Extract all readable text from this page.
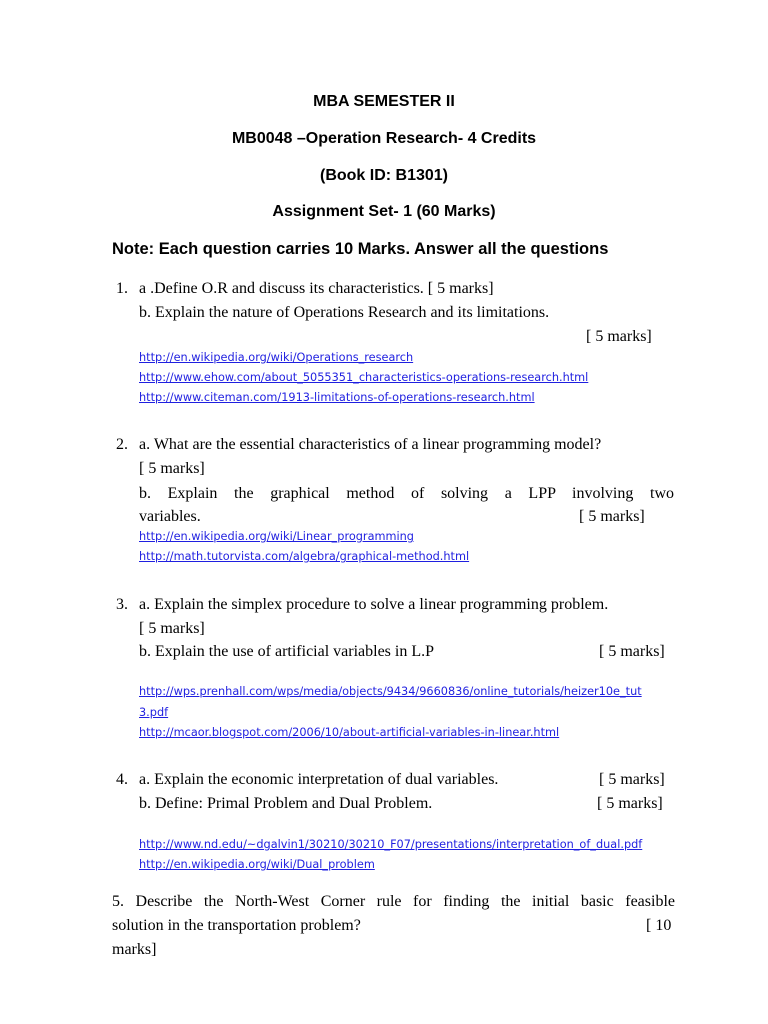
MBA SEMESTER II
MB0048 –Operation Research- 4 Credits
(Book ID: B1301)
Assignment Set- 1 (60 Marks)
Note: Each question carries 10 Marks. Answer all the questions
1. a .Define O.R and discuss its characteristics. [ 5 marks]
b. Explain the nature of Operations Research and its limitations.
[ 5 marks]
http://en.wikipedia.org/wiki/Operations_research
http://www.ehow.com/about_5055351_characteristics-operations-research.html
http://www.citeman.com/1913-limitations-of-operations-research.html
2. a. What are the essential characteristics of a linear programming model?
[ 5 marks]
b. Explain the graphical method of solving a LPP involving two
variables.	[ 5 marks]
http://en.wikipedia.org/wiki/Linear_programming
http://math.tutorvista.com/algebra/graphical-method.html
3. a. Explain the simplex procedure to solve a linear programming problem.
[ 5 marks]
b. Explain the use of artificial variables in L.P	[ 5 marks]
http://wps.prenhall.com/wps/media/objects/9434/9660836/online_tutorials/heizer10e_tut
3.pdf
http://mcaor.blogspot.com/2006/10/about-artificial-variables-in-linear.html
4. a. Explain the economic interpretation of dual variables.	[ 5 marks]
b. Define: Primal Problem and Dual Problem.	[ 5 marks]
http://www.nd.edu/~dgalvin1/30210/30210_F07/presentations/interpretation_of_dual.pdf
http://en.wikipedia.org/wiki/Dual_problem
5. Describe the North-West Corner rule for finding the initial basic feasible
solution in the transportation problem?	[ 10
marks]
